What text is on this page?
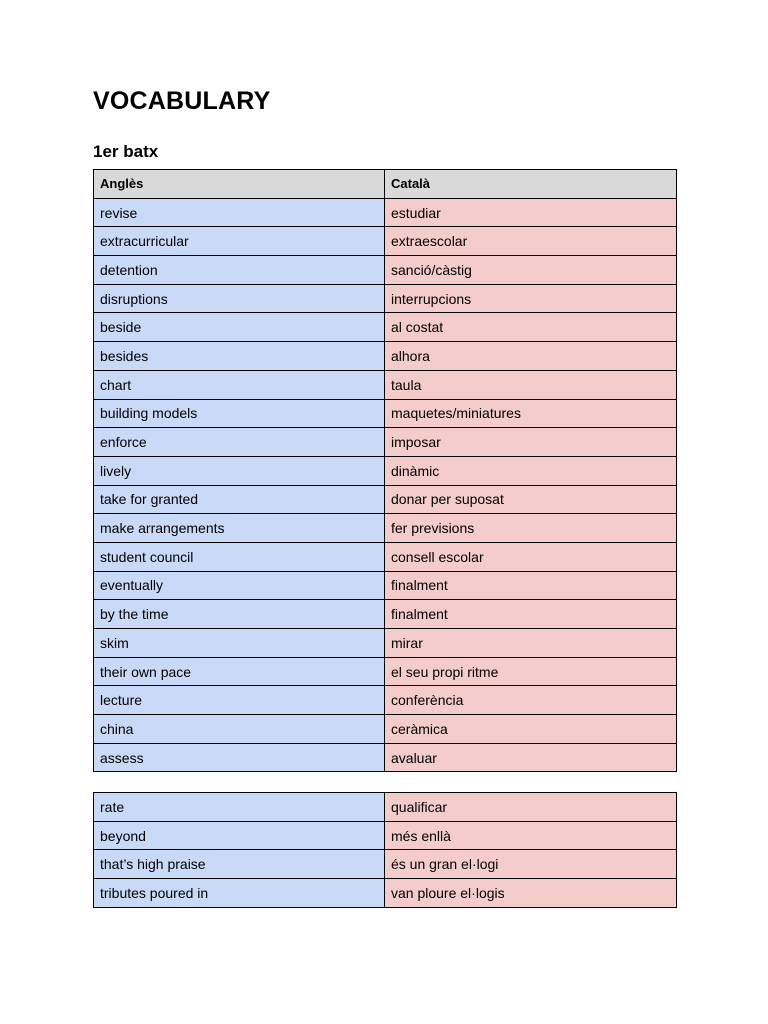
VOCABULARY
1er batx
Anglès	Català
revise	estudiar
extracurricular	extraescolar
detention	sanció/càstig
disruptions	interrupcions
beside	al costat
besides	alhora
chart	taula
building models	maquetes/miniatures
enforce	imposar
lively	dinàmic
take for granted	donar per suposat
make arrangements	fer previsions
student council	consell escolar
eventually	finalment
by the time	finalment
skim	mirar
their own pace	el seu propi ritme
lecture	conferència
china	ceràmica
assess	avaluar
rate	qualificar
beyond	més enllà
that’s high praise	és un gran el·logi
tributes poured in	van ploure el·logis
